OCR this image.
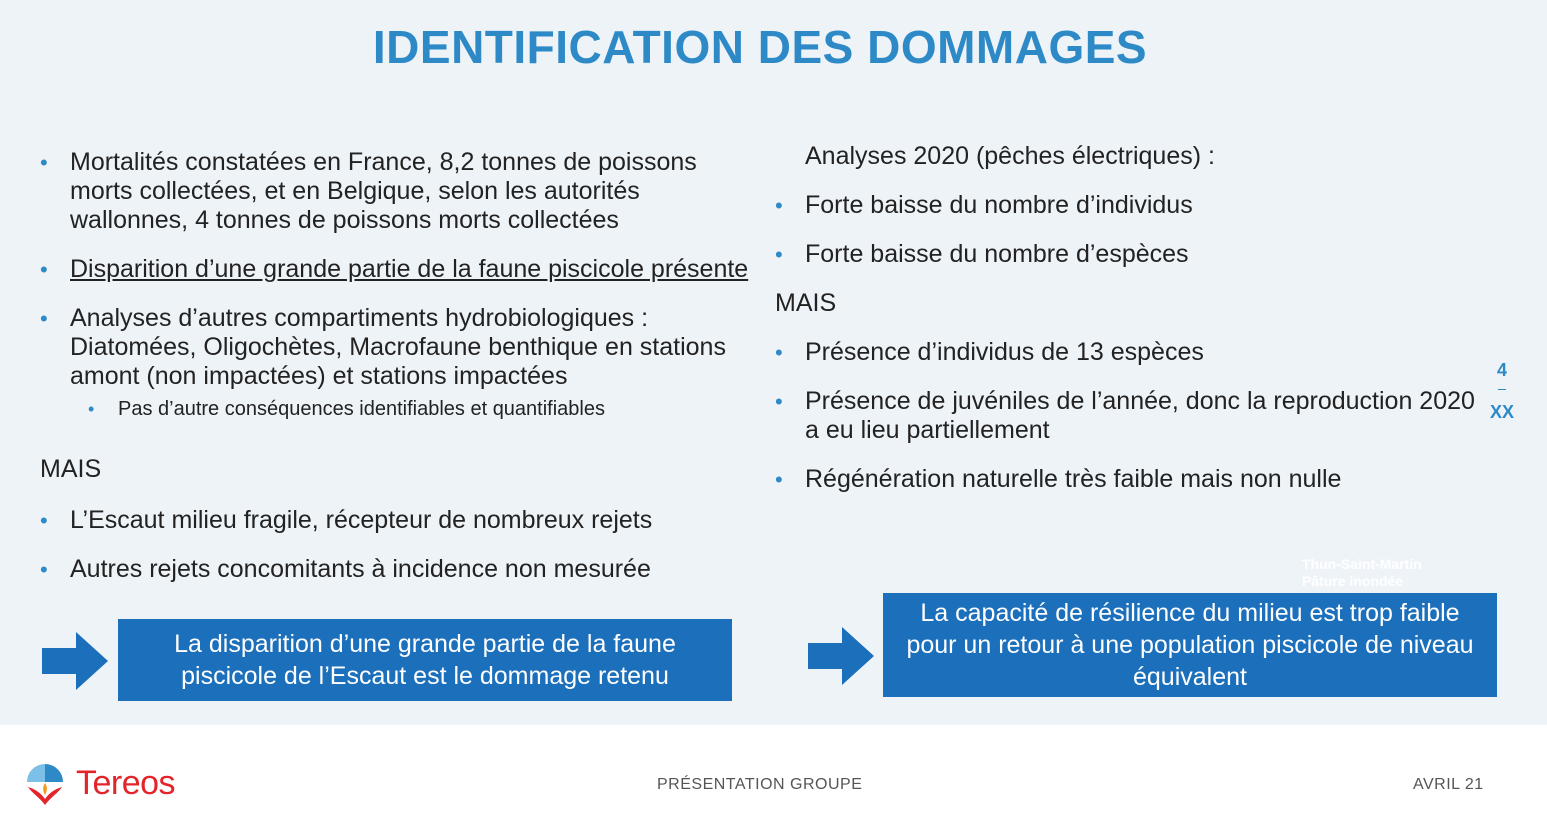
IDENTIFICATION DES DOMMAGES
• Mortalités constatées en France, 8,2 tonnes de poissons morts collectées, et en Belgique, selon les autorités wallonnes, 4 tonnes de poissons morts collectées
• Disparition d’une grande partie de la faune piscicole présente
• Analyses d’autres compartiments hydrobiologiques : Diatomées, Oligochètes, Macrofaune benthique en stations amont (non impactées) et stations impactées
• Pas d’autre conséquences identifiables et quantifiables
MAIS
• L’Escaut milieu fragile, récepteur de nombreux rejets
• Autres rejets concomitants à incidence non mesurée
Analyses 2020 (pêches électriques) :
• Forte baisse du nombre d’individus
• Forte baisse du nombre d’espèces
MAIS
• Présence d’individus de 13 espèces
• Présence de juvéniles de l’année, donc la reproduction 2020 a eu lieu partiellement
• Régénération naturelle très faible mais non nulle
La disparition d’une grande partie de la faune piscicole de l’Escaut est le dommage retenu
La capacité de résilience du milieu est trop faible pour un retour à une population piscicole de niveau équivalent
Thun-Saint-Martin
Pâture inondée
4
XX
Tereos	PRÉSENTATION GROUPE	AVRIL 21
